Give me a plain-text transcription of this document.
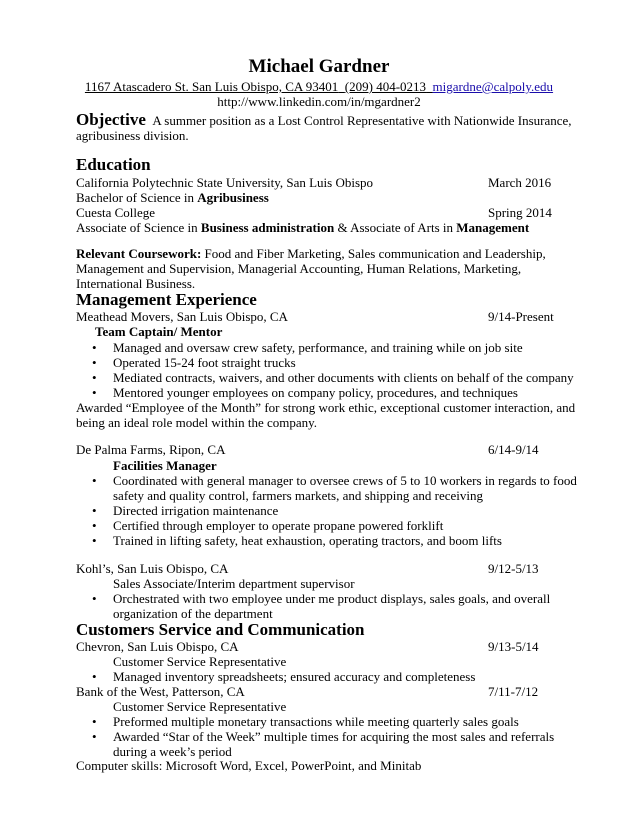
Michael Gardner
1167 Atascadero St. San Luis Obispo, CA 93401 (209) 404-0213 migardne@calpoly.edu
http://www.linkedin.com/in/mgardner2
Objective A summer position as a Lost Control Representative with Nationwide Insurance,
agribusiness division.
Education
California Polytechnic State University, San Luis Obispo	March 2016
Bachelor of Science in Agribusiness
Cuesta College	Spring 2014
Associate of Science in Business administration & Associate of Arts in Management
Relevant Coursework: Food and Fiber Marketing, Sales communication and Leadership,
Management and Supervision, Managerial Accounting, Human Relations, Marketing,
International Business.
Management Experience
Meathead Movers, San Luis Obispo, CA	9/14-Present
Team Captain/ Mentor
•	Managed and oversaw crew safety, performance, and training while on job site
•	Operated 15-24 foot straight trucks
•	Mediated contracts, waivers, and other documents with clients on behalf of the company
•	Mentored younger employees on company policy, procedures, and techniques
Awarded “Employee of the Month” for strong work ethic, exceptional customer interaction, and
being an ideal role model within the company.
De Palma Farms, Ripon, CA	6/14-9/14
Facilities Manager
•	Coordinated with general manager to oversee crews of 5 to 10 workers in regards to food
safety and quality control, farmers markets, and shipping and receiving
•	Directed irrigation maintenance
•	Certified through employer to operate propane powered forklift
•	Trained in lifting safety, heat exhaustion, operating tractors, and boom lifts
Kohl’s, San Luis Obispo, CA	9/12-5/13
Sales Associate/Interim department supervisor
•	Orchestrated with two employee under me product displays, sales goals, and overall
organization of the department
Customers Service and Communication
Chevron, San Luis Obispo, CA	9/13-5/14
Customer Service Representative
•	Managed inventory spreadsheets; ensured accuracy and completeness
Bank of the West, Patterson, CA	7/11-7/12
Customer Service Representative
•	Preformed multiple monetary transactions while meeting quarterly sales goals
•	Awarded “Star of the Week” multiple times for acquiring the most sales and referrals
during a week’s period
Computer skills: Microsoft Word, Excel, PowerPoint, and Minitab
